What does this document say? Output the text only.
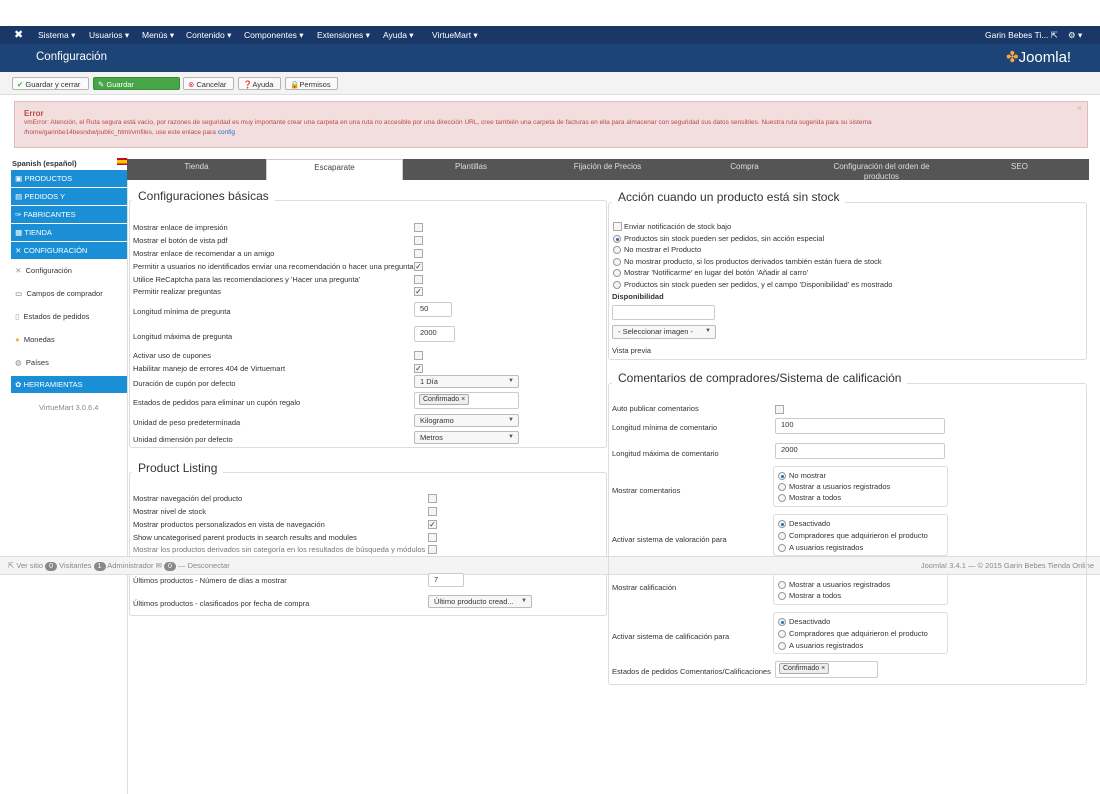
✖ Sistema ▾ Usuarios ▾ Menús ▾ Contenido ▾ Componentes ▾ Extensiones ▾ Ayuda ▾ VirtueMart ▾	Garin Bebes Ti... ⇱ ⚙ ▾
Configuración	✤Joomla!
✔ Guardar y cerrar	✎ Guardar	⊗ Cancelar	❓Ayuda	🔒Permisos
Error
vmError: Atención, el Ruta segura está vacío, por razones de seguridad es muy importante crear una carpeta en una ruta no accesible por una dirección URL, cree también una carpeta de facturas en ella para almacenar con seguridad sus datos sensibles. Nuestra ruta sugerida para su sistema
/home/garinbe14besndw/public_html/vmfiles, use este enlace para config
×
Spanish (español)
▣ PRODUCTOS
▤ PEDIDOS Y
✑ FABRICANTES
▦ TIENDA
✕ CONFIGURACIÓN
✕ Configuración
▭ Campos de comprador
▯ Estados de pedidos
● Monedas
◍ Países
✿ HERRAMIENTAS
VirtueMart 3.0.6.4
Tienda	Escaparate	Plantillas	Fijación de Precios	Compra	Configuración del orden de productos
SEO
Configuraciones básicas
Mostrar enlace de impresión
Mostrar el botón de vista pdf
Mostrar enlace de recomendar a un amigo
Permitir a usuarios no identificados enviar una recomendación o hacer una pregunta ✓
Utilice ReCaptcha para las recomendaciones y 'Hacer una pregunta'
Permitir realizar preguntas	✓
Longitud mínima de pregunta	50
Longitud máxima de pregunta	2000
Activar uso de cupones
Habilitar manejo de errores 404 de Virtuemart	✓
Duración de cupón por defecto	1 Día	▼
Estados de pedidos para eliminar un cupón regalo	Confirmado ×
Unidad de peso predeterminada	Kilogramo	▼
Unidad dimensión por defecto	Metros	▼
Product Listing
Mostrar navegación del producto
Mostrar nivel de stock
Mostrar productos personalizados en vista de navegación	✓
Show uncategorised parent products in search results and modules
Mostrar los productos derivados sin categoría en los resultados de búsqueda y módulos
⇱ Ver sitio 0 Visitantes 1 Administrador ✉ 0 — Desconectar	Joomla! 3.4.1 — © 2015 Garin Bebes Tienda Online
Últimos productos - Número de días a mostrar	7
Últimos productos - clasificados por fecha de compra	Último producto cread... ▼
Acción cuando un producto está sin stock
Enviar notificación de stock bajo
Productos sin stock pueden ser pedidos, sin acción especial
No mostrar el Producto
No mostrar producto, si los productos derivados también están fuera de stock
Mostrar 'Notificarme' en lugar del botón 'Añadir al carro'
Productos sin stock pueden ser pedidos, y el campo 'Disponibilidad' es mostrado
Disponibilidad
- Seleccionar imagen - ▼
Vista previa
Comentarios de compradores/Sistema de calificación
Auto publicar comentarios
Longitud mínima de comentario	100
Longitud máxima de comentario	2000
Mostrar comentarios
No mostrar
Mostrar a usuarios registrados
Mostrar a todos
Activar sistema de valoración para
Desactivado
Compradores que adquirieron el producto
A usuarios registrados
Mostrar calificación	Mostrar a usuarios registrados
Mostrar a todos
Activar sistema de calificación para
Desactivado
Compradores que adquirieron el producto
A usuarios registrados
Estados de pedidos Comentarios/Calificaciones	Confirmado ×
